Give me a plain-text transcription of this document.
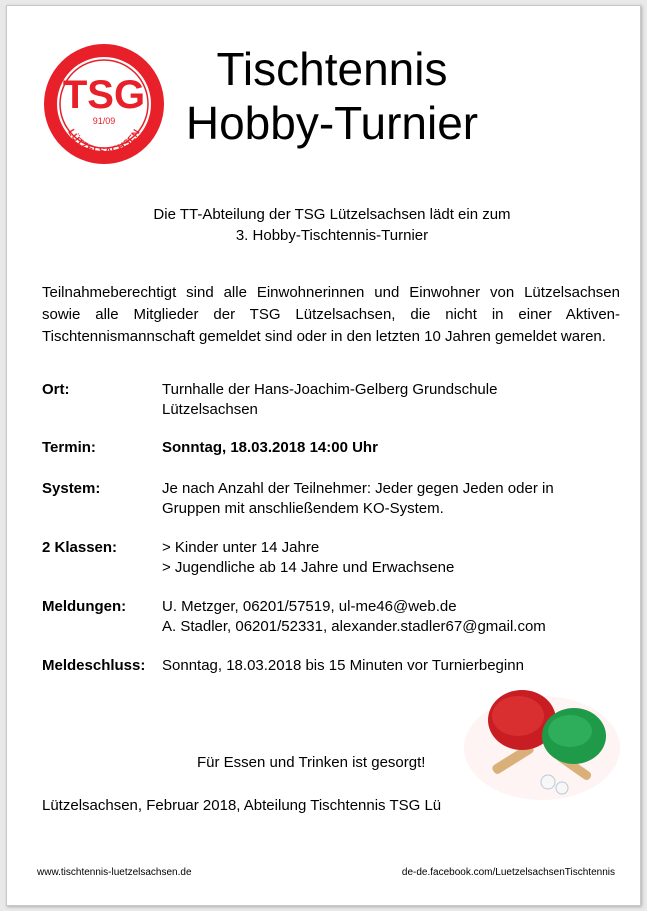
TSG
91/09
LÜTZELSACHSEN
Tischtennis
Hobby-Turnier
Die TT-Abteilung der TSG Lützelsachsen lädt ein zum
3. Hobby-Tischtennis-Turnier
Teilnahmeberechtigt sind alle Einwohnerinnen und Einwohner von Lützelsachsen sowie alle Mitglieder der TSG Lützelsachsen, die nicht in einer Aktiven-Tischtennismannschaft gemeldet sind oder in den letzten 10 Jahren gemeldet waren.
Ort:	Turnhalle der Hans-Joachim-Gelberg Grundschule
Lützelsachsen
Termin:	Sonntag, 18.03.2018 14:00 Uhr
System:	Je nach Anzahl der Teilnehmer: Jeder gegen Jeden oder in
Gruppen mit anschließendem KO-System.
2 Klassen:	> Kinder unter 14 Jahre
> Jugendliche ab 14 Jahre und Erwachsene
Meldungen: U. Metzger, 06201/57519, ul-me46@web.de
A. Stadler, 06201/52331, alexander.stadler67@gmail.com
Meldeschluss: Sonntag, 18.03.2018 bis 15 Minuten vor Turnierbeginn
Für Essen und Trinken ist gesorgt!
Lützelsachsen, Februar 2018, Abteilung Tischtennis TSG Lü
www.tischtennis-luetzelsachsen.de	de-de.facebook.com/LuetzelsachsenTischtennis
